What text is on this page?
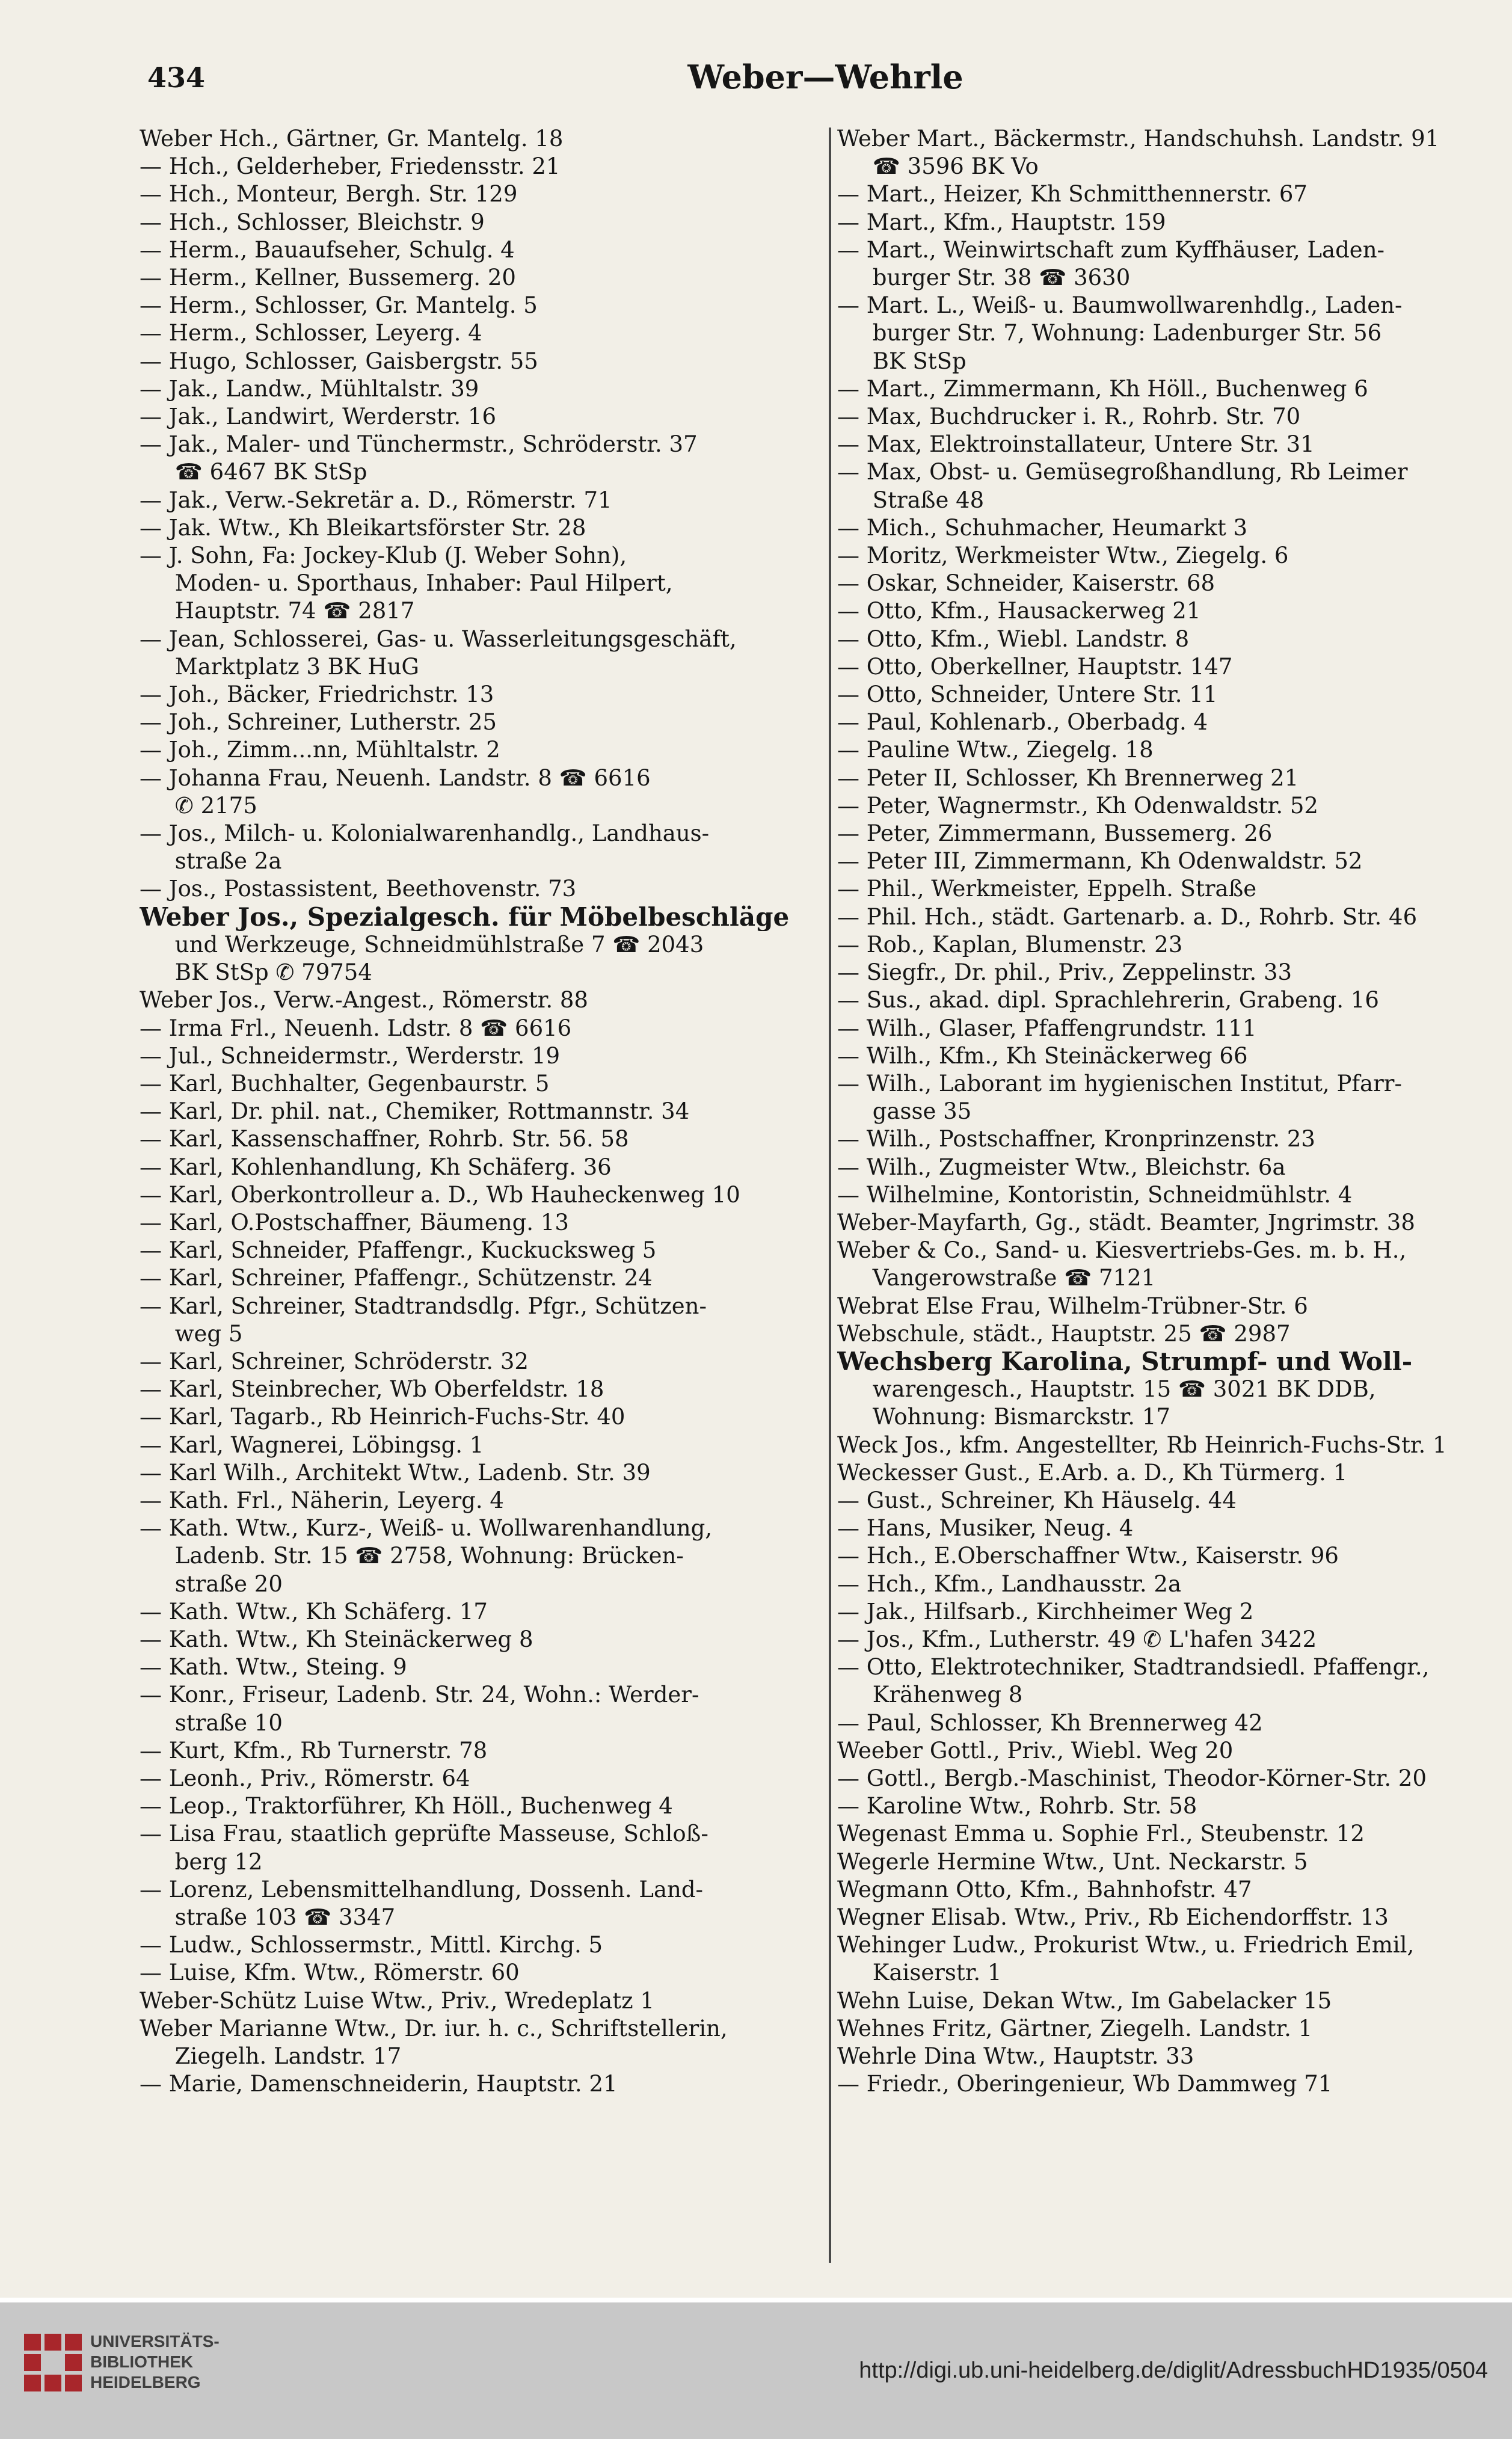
434	Weber—Wehrle
Weber Hch., Gärtner, Gr. Mantelg. 18
— Hch., Gelderheber, Friedensstr. 21
— Hch., Monteur, Bergh. Str. 129
— Hch., Schlosser, Bleichstr. 9
— Herm., Bauaufseher, Schulg. 4
— Herm., Kellner, Bussemerg. 20
— Herm., Schlosser, Gr. Mantelg. 5
— Herm., Schlosser, Leyerg. 4
— Hugo, Schlosser, Gaisbergstr. 55
— Jak., Landw., Mühltalstr. 39
— Jak., Landwirt, Werderstr. 16
— Jak., Maler- und Tünchermstr., Schröderstr. 37
☎ 6467 BK StSp
— Jak., Verw.-Sekretär a. D., Römerstr. 71
— Jak. Wtw., Kh Bleikartsförster Str. 28
— J. Sohn, Fa: Jockey-Klub (J. Weber Sohn),
Moden- u. Sporthaus, Inhaber: Paul Hilpert,
Hauptstr. 74 ☎ 2817
— Jean, Schlosserei, Gas- u. Wasserleitungsgeschäft,
Marktplatz 3 BK HuG
— Joh., Bäcker, Friedrichstr. 13
— Joh., Schreiner, Lutherstr. 25
— Joh., Zimm...nn, Mühltalstr. 2
— Johanna Frau, Neuenh. Landstr. 8 ☎ 6616
✆ 2175
— Jos., Milch- u. Kolonialwarenhandlg., Landhaus-
straße 2a
— Jos., Postassistent, Beethovenstr. 73
Weber Jos., Spezialgesch. für Möbelbeschläge
und Werkzeuge, Schneidmühlstraße 7 ☎ 2043
BK StSp ✆ 79754
Weber Jos., Verw.-Angest., Römerstr. 88
— Irma Frl., Neuenh. Ldstr. 8 ☎ 6616
— Jul., Schneidermstr., Werderstr. 19
— Karl, Buchhalter, Gegenbaurstr. 5
— Karl, Dr. phil. nat., Chemiker, Rottmannstr. 34
— Karl, Kassenschaffner, Rohrb. Str. 56. 58
— Karl, Kohlenhandlung, Kh Schäferg. 36
— Karl, Oberkontrolleur a. D., Wb Hauheckenweg 10
— Karl, O.Postschaffner, Bäumeng. 13
— Karl, Schneider, Pfaffengr., Kuckucksweg 5
— Karl, Schreiner, Pfaffengr., Schützenstr. 24
— Karl, Schreiner, Stadtrandsdlg. Pfgr., Schützen-
weg 5
— Karl, Schreiner, Schröderstr. 32
— Karl, Steinbrecher, Wb Oberfeldstr. 18
— Karl, Tagarb., Rb Heinrich-Fuchs-Str. 40
— Karl, Wagnerei, Löbingsg. 1
— Karl Wilh., Architekt Wtw., Ladenb. Str. 39
— Kath. Frl., Näherin, Leyerg. 4
— Kath. Wtw., Kurz-, Weiß- u. Wollwarenhandlung,
Ladenb. Str. 15 ☎ 2758, Wohnung: Brücken-
straße 20
— Kath. Wtw., Kh Schäferg. 17
— Kath. Wtw., Kh Steinäckerweg 8
— Kath. Wtw., Steing. 9
— Konr., Friseur, Ladenb. Str. 24, Wohn.: Werder-
straße 10
— Kurt, Kfm., Rb Turnerstr. 78
— Leonh., Priv., Römerstr. 64
— Leop., Traktorführer, Kh Höll., Buchenweg 4
— Lisa Frau, staatlich geprüfte Masseuse, Schloß-
berg 12
— Lorenz, Lebensmittelhandlung, Dossenh. Land-
straße 103 ☎ 3347
— Ludw., Schlossermstr., Mittl. Kirchg. 5
— Luise, Kfm. Wtw., Römerstr. 60
Weber-Schütz Luise Wtw., Priv., Wredeplatz 1
Weber Marianne Wtw., Dr. iur. h. c., Schriftstellerin,
Ziegelh. Landstr. 17
— Marie, Damenschneiderin, Hauptstr. 21
Weber Mart., Bäckermstr., Handschuhsh. Landstr. 91
☎ 3596 BK Vo
— Mart., Heizer, Kh Schmitthennerstr. 67
— Mart., Kfm., Hauptstr. 159
— Mart., Weinwirtschaft zum Kyffhäuser, Laden-
burger Str. 38 ☎ 3630
— Mart. L., Weiß- u. Baumwollwarenhdlg., Laden-
burger Str. 7, Wohnung: Ladenburger Str. 56
BK StSp
— Mart., Zimmermann, Kh Höll., Buchenweg 6
— Max, Buchdrucker i. R., Rohrb. Str. 70
— Max, Elektroinstallateur, Untere Str. 31
— Max, Obst- u. Gemüsegroßhandlung, Rb Leimer
Straße 48
— Mich., Schuhmacher, Heumarkt 3
— Moritz, Werkmeister Wtw., Ziegelg. 6
— Oskar, Schneider, Kaiserstr. 68
— Otto, Kfm., Hausackerweg 21
— Otto, Kfm., Wiebl. Landstr. 8
— Otto, Oberkellner, Hauptstr. 147
— Otto, Schneider, Untere Str. 11
— Paul, Kohlenarb., Oberbadg. 4
— Pauline Wtw., Ziegelg. 18
— Peter II, Schlosser, Kh Brennerweg 21
— Peter, Wagnermstr., Kh Odenwaldstr. 52
— Peter, Zimmermann, Bussemerg. 26
— Peter III, Zimmermann, Kh Odenwaldstr. 52
— Phil., Werkmeister, Eppelh. Straße
— Phil. Hch., städt. Gartenarb. a. D., Rohrb. Str. 46
— Rob., Kaplan, Blumenstr. 23
— Siegfr., Dr. phil., Priv., Zeppelinstr. 33
— Sus., akad. dipl. Sprachlehrerin, Grabeng. 16
— Wilh., Glaser, Pfaffengrundstr. 111
— Wilh., Kfm., Kh Steinäckerweg 66
— Wilh., Laborant im hygienischen Institut, Pfarr-
gasse 35
— Wilh., Postschaffner, Kronprinzenstr. 23
— Wilh., Zugmeister Wtw., Bleichstr. 6a
— Wilhelmine, Kontoristin, Schneidmühlstr. 4
Weber-Mayfarth, Gg., städt. Beamter, Jngrimstr. 38
Weber & Co., Sand- u. Kiesvertriebs-Ges. m. b. H.,
Vangerowstraße ☎ 7121
Webrat Else Frau, Wilhelm-Trübner-Str. 6
Webschule, städt., Hauptstr. 25 ☎ 2987
Wechsberg Karolina, Strumpf- und Woll-
warengesch., Hauptstr. 15 ☎ 3021 BK DDB,
Wohnung: Bismarckstr. 17
Weck Jos., kfm. Angestellter, Rb Heinrich-Fuchs-Str. 1
Weckesser Gust., E.Arb. a. D., Kh Türmerg. 1
— Gust., Schreiner, Kh Häuselg. 44
— Hans, Musiker, Neug. 4
— Hch., E.Oberschaffner Wtw., Kaiserstr. 96
— Hch., Kfm., Landhausstr. 2a
— Jak., Hilfsarb., Kirchheimer Weg 2
— Jos., Kfm., Lutherstr. 49 ✆ L'hafen 3422
— Otto, Elektrotechniker, Stadtrandsiedl. Pfaffengr.,
Krähenweg 8
— Paul, Schlosser, Kh Brennerweg 42
Weeber Gottl., Priv., Wiebl. Weg 20
— Gottl., Bergb.-Maschinist, Theodor-Körner-Str. 20
— Karoline Wtw., Rohrb. Str. 58
Wegenast Emma u. Sophie Frl., Steubenstr. 12
Wegerle Hermine Wtw., Unt. Neckarstr. 5
Wegmann Otto, Kfm., Bahnhofstr. 47
Wegner Elisab. Wtw., Priv., Rb Eichendorffstr. 13
Wehinger Ludw., Prokurist Wtw., u. Friedrich Emil,
Kaiserstr. 1
Wehn Luise, Dekan Wtw., Im Gabelacker 15
Wehnes Fritz, Gärtner, Ziegelh. Landstr. 1
Wehrle Dina Wtw., Hauptstr. 33
— Friedr., Oberingenieur, Wb Dammweg 71
UNIVERSITÄTS-
BIBLIOTHEK
HEIDELBERG	http://digi.ub.uni-heidelberg.de/diglit/AdressbuchHD1935/0504
